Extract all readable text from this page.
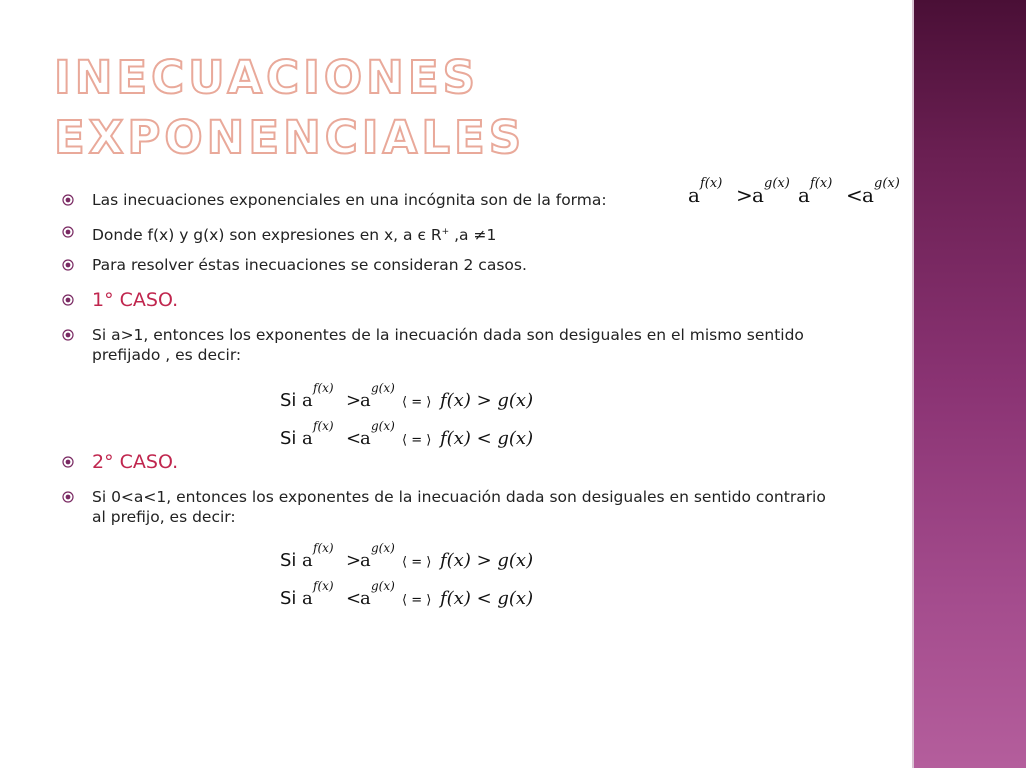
INECUACIONES
EXPONENCIALES
Las inecuaciones exponenciales en una incógnita son de la forma:
Donde f(x) y g(x) son expresiones en x, a є R+ ,a ≠1
Para resolver éstas inecuaciones se consideran 2 casos.
1° CASO.
Si a>1, entonces los exponentes de la inecuación dada son desiguales en el mismo sentido prefijado , es decir:
2° CASO.
Si 0<a<1, entonces los exponentes de la inecuación dada son desiguales en sentido contrario al prefijo, es decir:
a f(x) > a g(x) a f(x) < a g(x)
Si a
f(x)
>
a
g(x)
⟨ = ⟩ f(x) > g(x)
Si a
f(x)
<
a
g(x)
⟨ = ⟩ f(x) < g(x)
Si a
f(x)
>
a
g(x)
⟨ = ⟩ f(x) > g(x)
Si a
f(x)
<
a
g(x)
⟨ = ⟩ f(x) < g(x)
